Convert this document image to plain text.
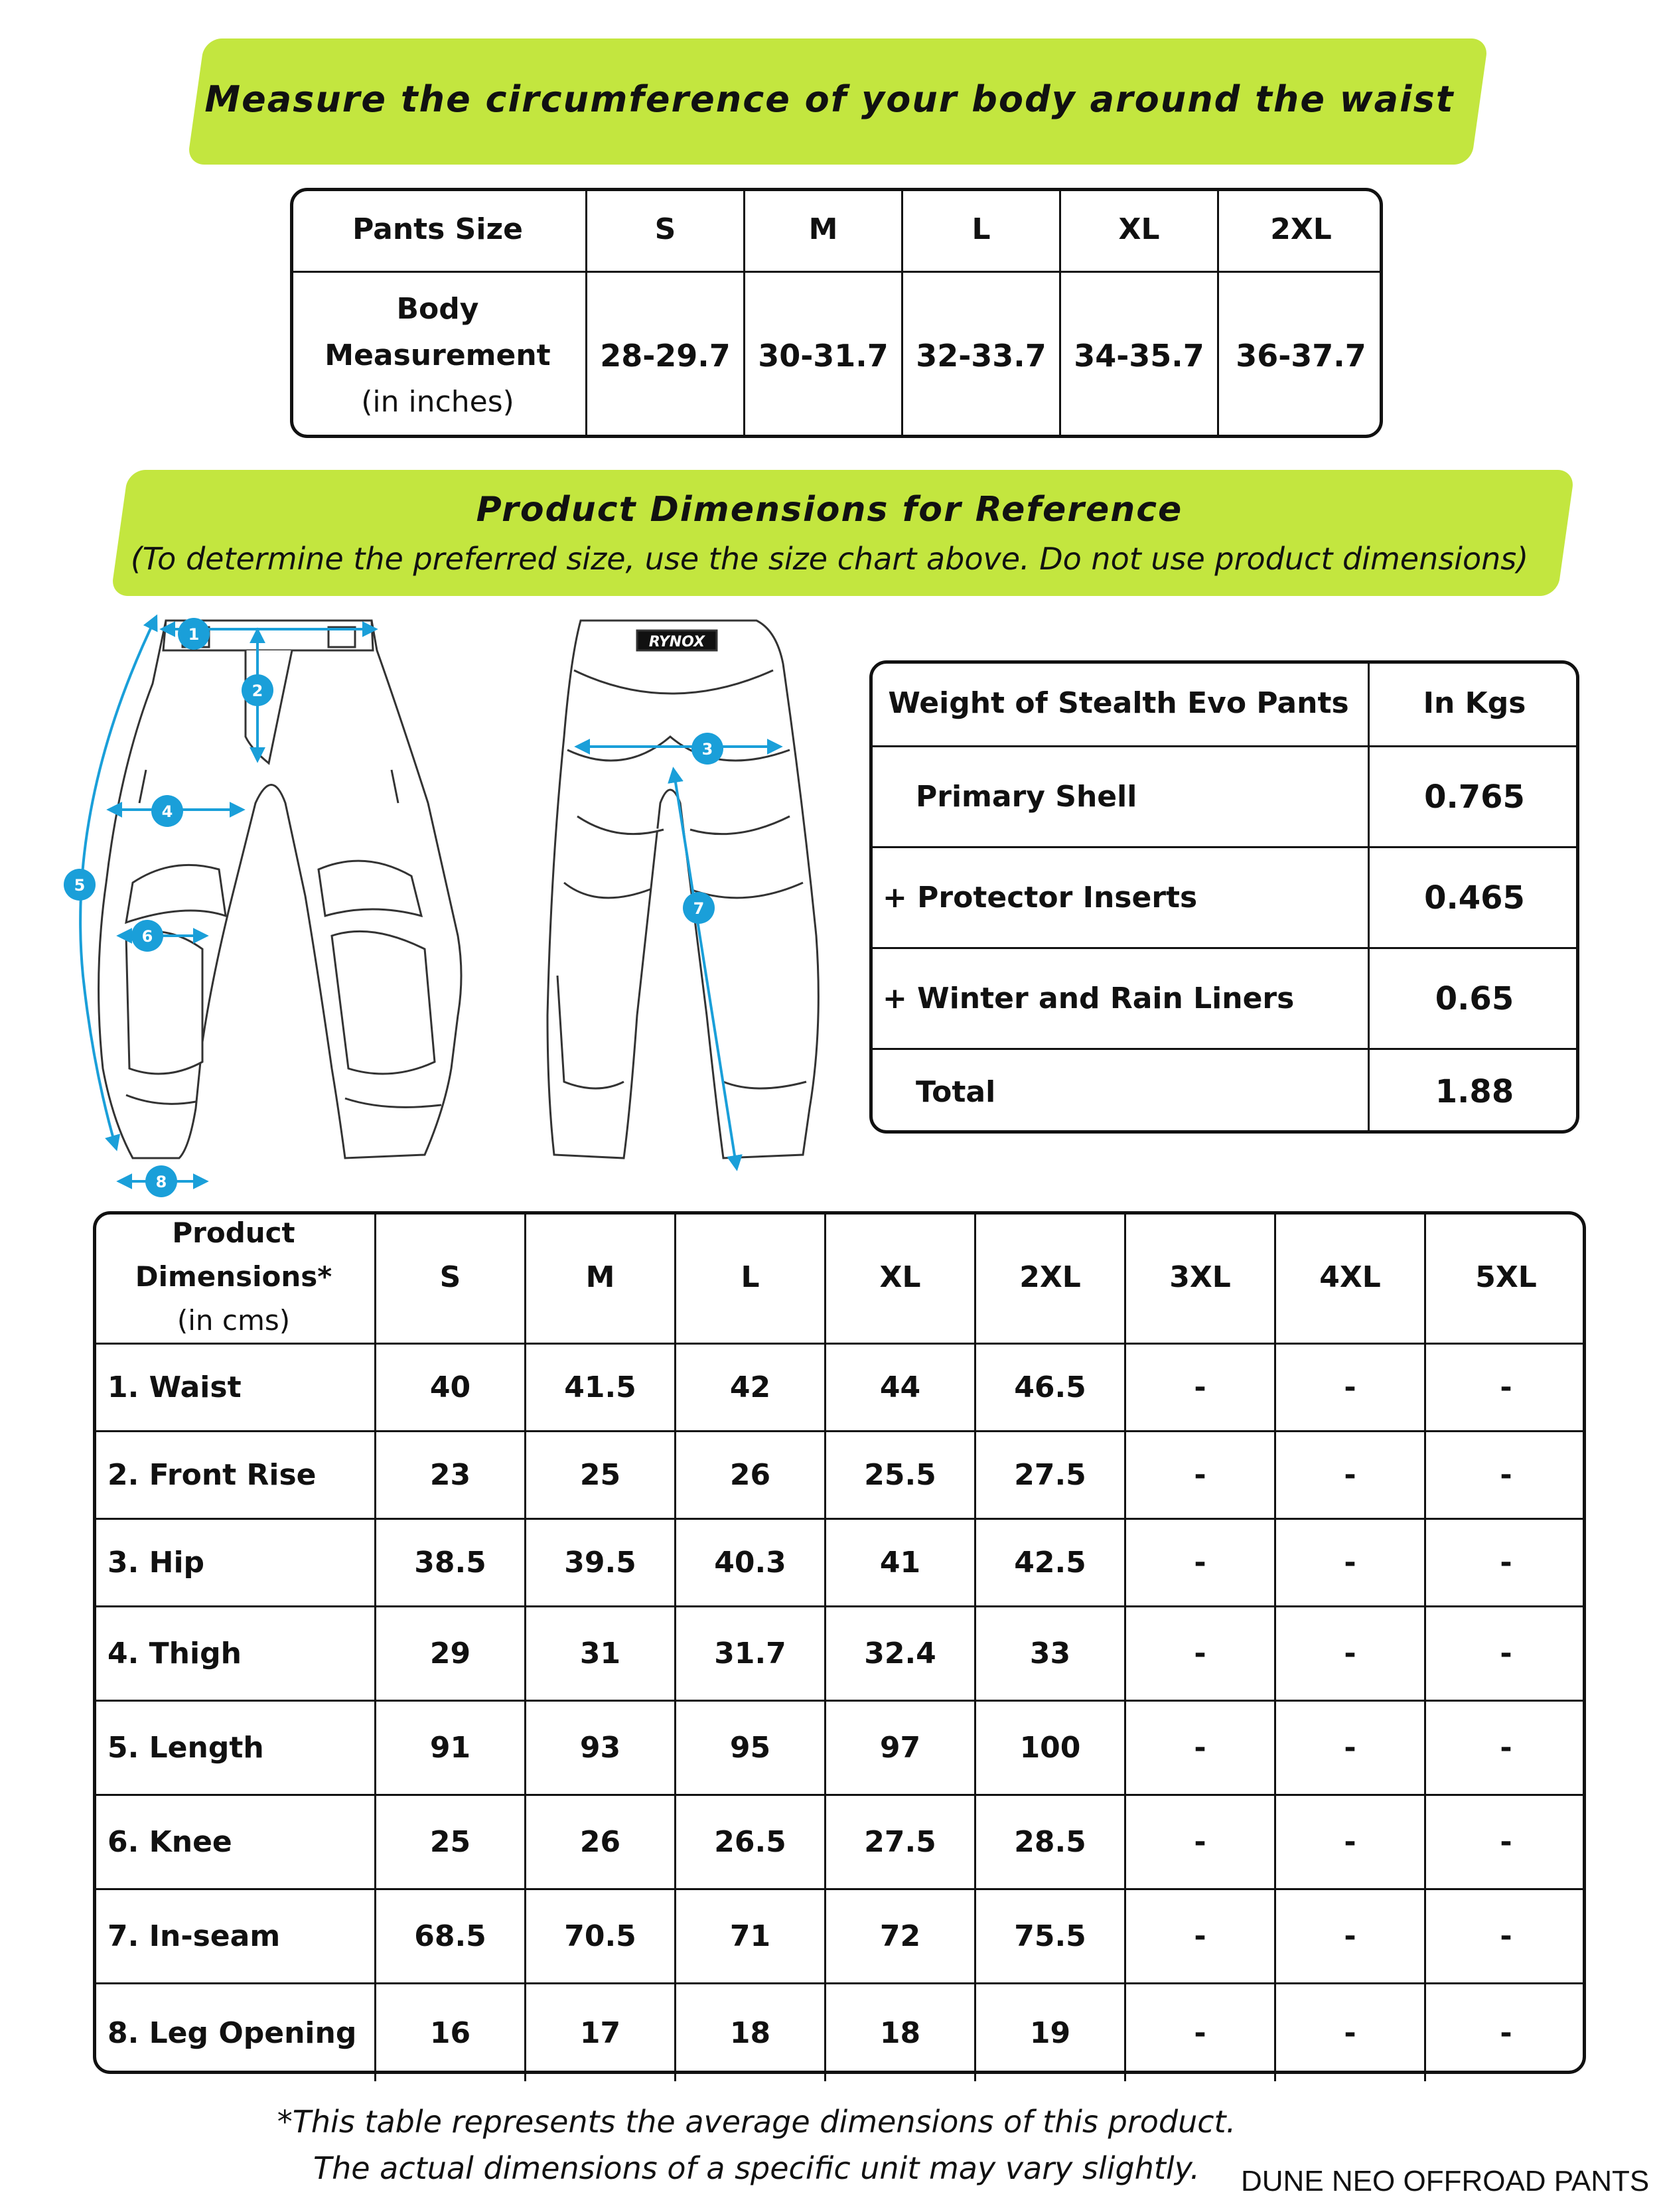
Measure the circumference of your body around the waist
Pants Size	S	M	L	XL	2XL

Body
Measurement
(in inches)	28-29.7	30-31.7	32-33.7	34-35.7	36-37.7
Product Dimensions for Reference
(To determine the preferred size, use the size chart above. Do not use product dimensions)
RYNOX
1
2
3
4
5
6
7
8
Weight of Stealth Evo Pants	In Kgs
Primary Shell	0.765
+ Protector Inserts	0.465
+ Winter and Rain Liners	0.65
Total	1.88
Product Dimensions*
(in cms)	S	M	L	XL	2XL	3XL	4XL	5XL
1. Waist	40	41.5	42	44	46.5	-	-	-
2. Front Rise	23	25	26	25.5	27.5	-	-	-
3. Hip	38.5	39.5	40.3	41	42.5	-	-	-
4. Thigh	29	31	31.7	32.4	33	-	-	-
5. Length	91	93	95	97	100	-	-	-
6. Knee	25	26	26.5	27.5	28.5	-	-	-
7. In-seam	68.5	70.5	71	72	75.5	-	-	-
8. Leg Opening	16	17	18	18	19	-	-	-
*This table represents the average dimensions of this product.
The actual dimensions of a specific unit may vary slightly.	DUNE NEO OFFROAD PANTS
